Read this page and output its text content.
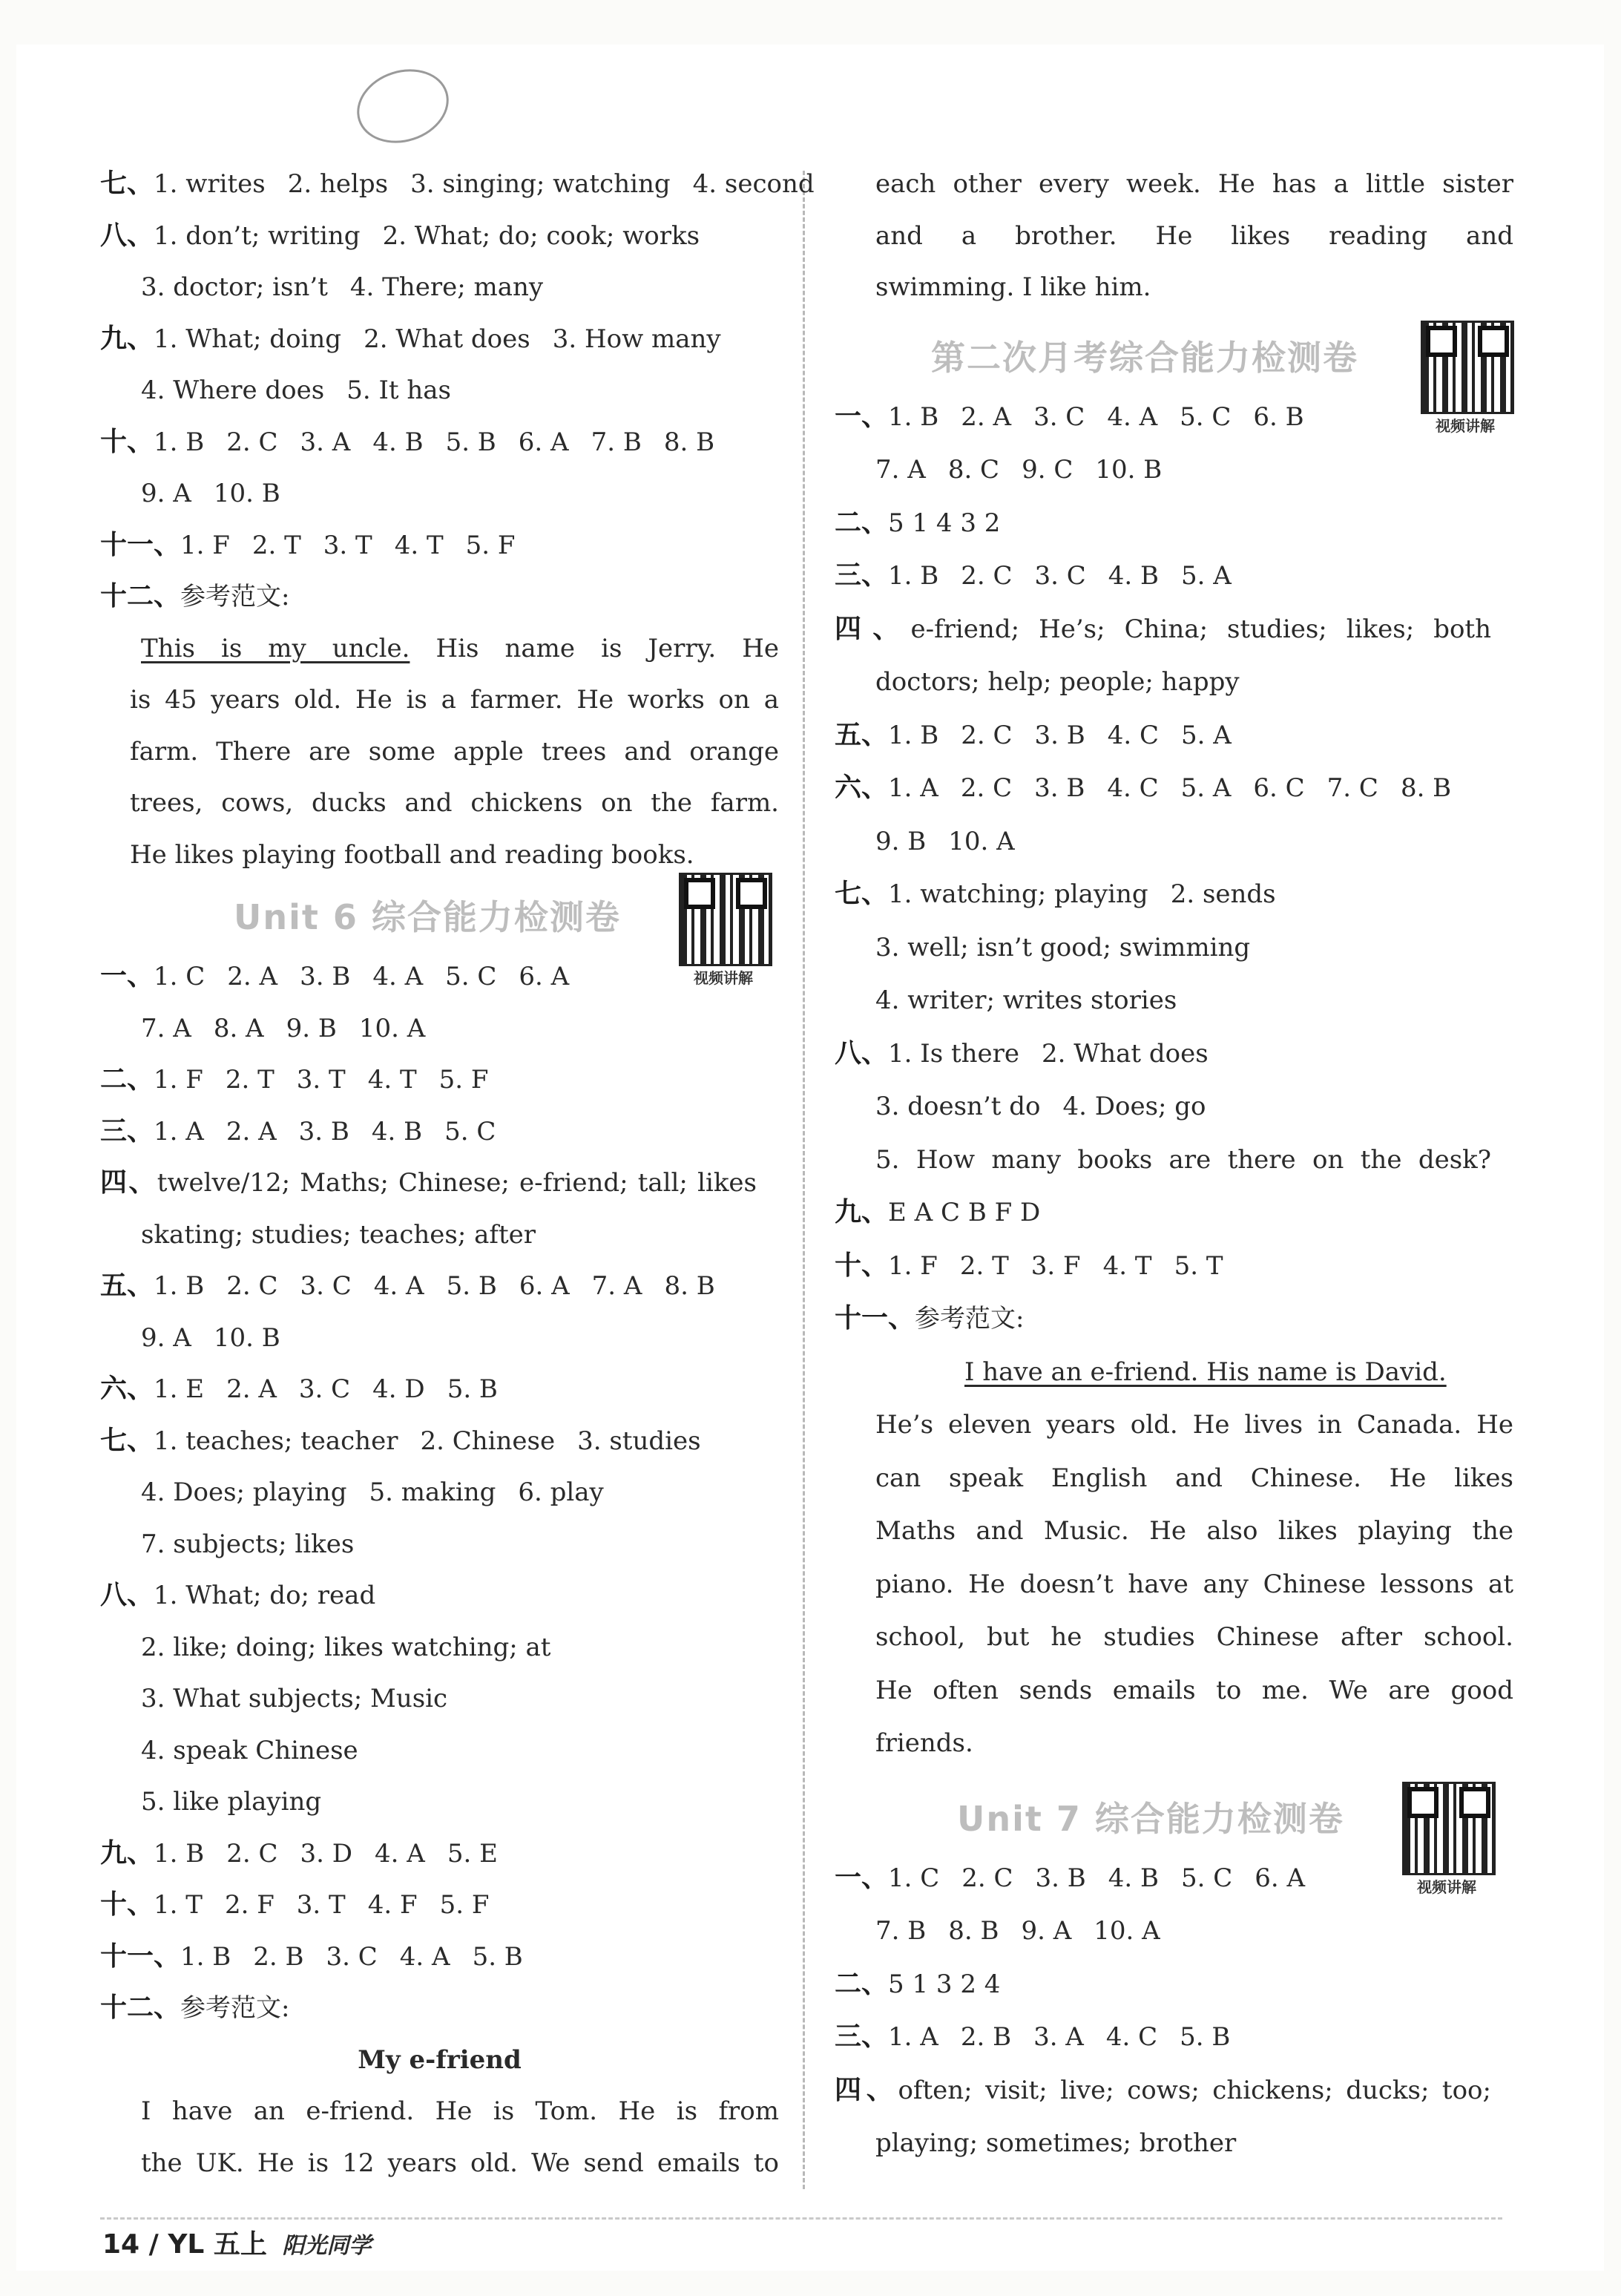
七、1. writes 2. helps 3. singing; watching 4. second
八、1. don’t; writing 2. What; do; cook; works
3. doctor; isn’t 4. There; many
九、1. What; doing 2. What does 3. How many
4. Where does 5. It has
十、1. B 2. C 3. A 4. B 5. B 6. A 7. B 8. B
9. A 10. B
十一、1. F 2. T 3. T 4. T 5. F
十二、参考范文:
This is my uncle. His name is Jerry. He
is 45 years old. He is a farmer. He works on a
farm. There are some apple trees and orange
trees, cows, ducks and chickens on the farm.
He likes playing football and reading books.
Unit 6 综合能力检测卷
视频讲解
一、1. C 2. A 3. B 4. A 5. C 6. A
7. A 8. A 9. B 10. A
二、1. F 2. T 3. T 4. T 5. F
三、1. A 2. A 3. B 4. B 5. C
四、twelve/12; Maths; Chinese; e-friend; tall; likes
skating; studies; teaches; after
五、1. B 2. C 3. C 4. A 5. B 6. A 7. A 8. B
9. A 10. B
六、1. E 2. A 3. C 4. D 5. B
七、1. teaches; teacher 2. Chinese 3. studies
4. Does; playing 5. making 6. play
7. subjects; likes
八、1. What; do; read
2. like; doing; likes watching; at
3. What subjects; Music
4. speak Chinese
5. like playing
九、1. B 2. C 3. D 4. A 5. E
十、1. T 2. F 3. T 4. F 5. F
十一、1. B 2. B 3. C 4. A 5. B
十二、参考范文:
My e-friend
I have an e-friend. He is Tom. He is from
the UK. He is 12 years old. We send emails to
each other every week. He has a little sister
and a brother. He likes reading and
swimming. I like him.
第二次月考综合能力检测卷
视频讲解
一、1. B 2. A 3. C 4. A 5. C 6. B
7. A 8. C 9. C 10. B
二、5 1 4 3 2
三、1. B 2. C 3. C 4. B 5. A
四、e-friend; He’s; China; studies; likes; both
doctors; help; people; happy
五、1. B 2. C 3. B 4. C 5. A
六、1. A 2. C 3. B 4. C 5. A 6. C 7. C 8. B
9. B 10. A
七、1. watching; playing 2. sends
3. well; isn’t good; swimming
4. writer; writes stories
八、1. Is there 2. What does
3. doesn’t do 4. Does; go
5. How many books are there on the desk?
九、E A C B F D
十、1. F 2. T 3. F 4. T 5. T
十一、参考范文:
I have an e-friend. His name is David.
He’s eleven years old. He lives in Canada. He
can speak English and Chinese. He likes
Maths and Music. He also likes playing the
piano. He doesn’t have any Chinese lessons at
school, but he studies Chinese after school.
He often sends emails to me. We are good
friends.
Unit 7 综合能力检测卷
视频讲解
一、1. C 2. C 3. B 4. B 5. C 6. A
7. B 8. B 9. A 10. A
二、5 1 3 2 4
三、1. A 2. B 3. A 4. C 5. B
四、often; visit; live; cows; chickens; ducks; too;
playing; sometimes; brother
14 / YL 五上 阳光同学
